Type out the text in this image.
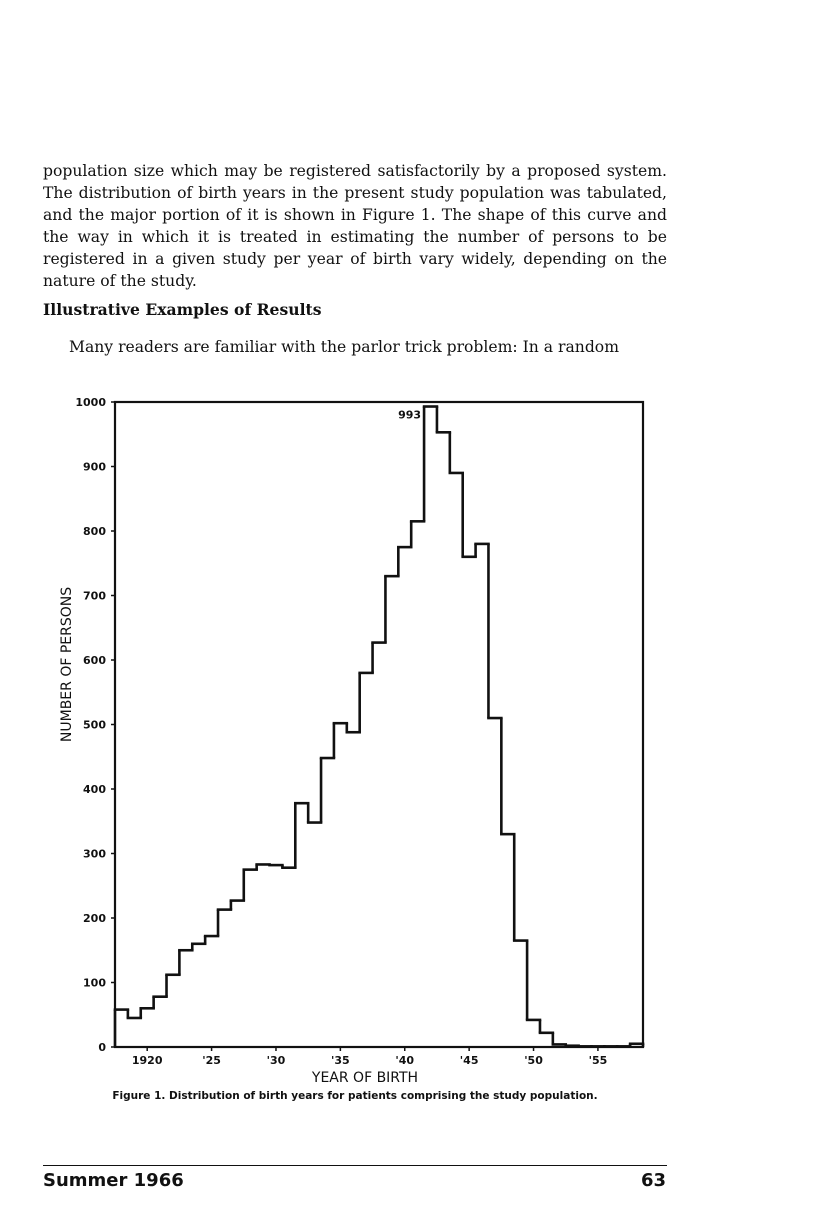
population size which may be registered satisfactorily by a proposed system. The distribution of birth years in the present study population was tabulated, and the major portion of it is shown in Figure 1. The shape of this curve and the way in which it is treated in estimating the number of persons to be registered in a given study per year of birth vary widely, depending on the nature of the study.

Illustrative Examples of Results

Many readers are familiar with the parlor trick problem: In a random

0
100
200
300
400
500
600
700
800
900
1000
1920	'25	'30	'35	'40	'45	'50	'55
993
YEAR OF BIRTH
NUMBER OF PERSONS
Figure 1. Distribution of birth years for patients comprising the study population.

Summer 1966	63
